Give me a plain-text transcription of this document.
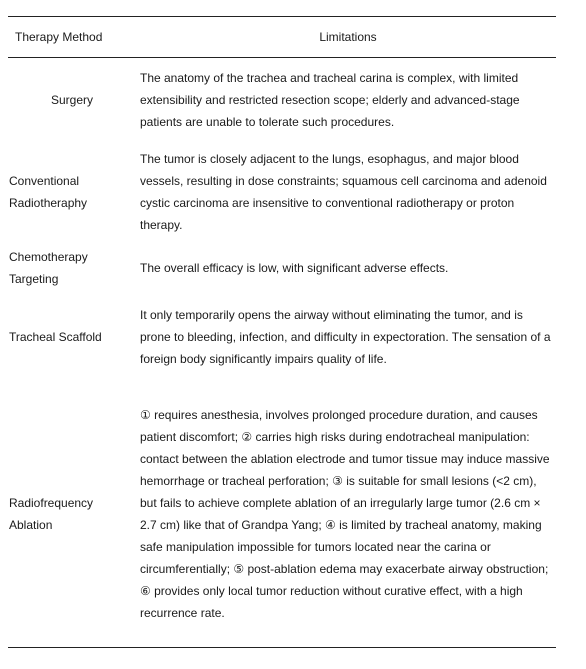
Therapy Method	Limitations
Surgery
The anatomy of the trachea and tracheal carina is complex, with limited extensibility and restricted resection scope; elderly and advanced-stage patients are unable to tolerate such procedures.
Conventional Radiotheraphy
The tumor is closely adjacent to the lungs, esophagus, and major blood vessels, resulting in dose constraints; squamous cell carcinoma and adenoid cystic carcinoma are insensitive to conventional radiotherapy or proton therapy.
Chemotherapy Targeting
The overall efficacy is low, with significant adverse effects.
Tracheal Scaffold
It only temporarily opens the airway without eliminating the tumor, and is prone to bleeding, infection, and difficulty in expectoration. The sensation of a foreign body significantly impairs quality of life.
Radiofrequency Ablation
① requires anesthesia, involves prolonged procedure duration, and causes patient discomfort; ② carries high risks during endotracheal manipulation: contact between the ablation electrode and tumor tissue may induce massive hemorrhage or tracheal perforation; ③ is suitable for small lesions (<2 cm), but fails to achieve complete ablation of an irregularly large tumor (2.6 cm × 2.7 cm) like that of Grandpa Yang; ④ is limited by tracheal anatomy, making safe manipulation impossible for tumors located near the carina or circumferentially; ⑤ post-ablation edema may exacerbate airway obstruction; ⑥ provides only local tumor reduction without curative effect, with a high recurrence rate.
